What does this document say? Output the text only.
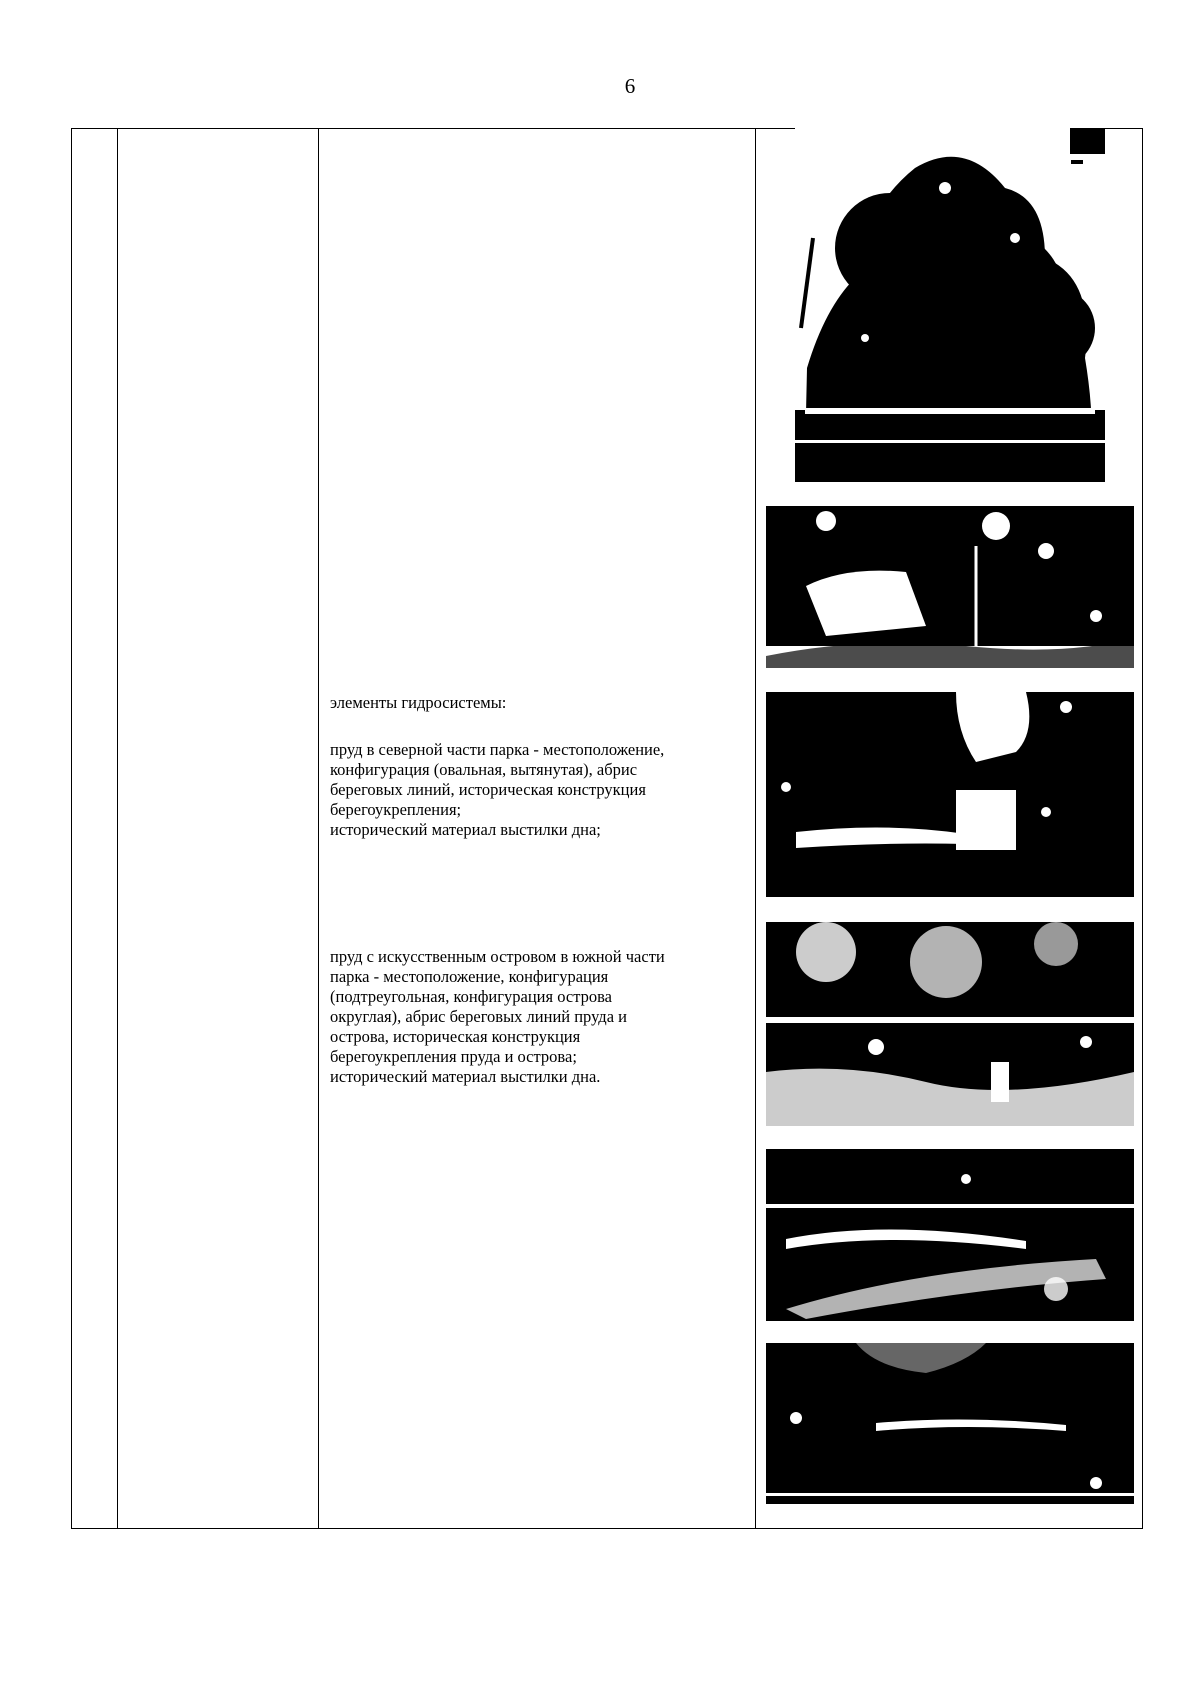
6
элементы гидросистемы:

пруд в северной части парка - местоположение,

конфигурация (овальная, вытянутая), абрис

береговых линий, историческая конструкция

берегоукрепления;

исторический материал выстилки дна;

пруд с искусственным островом в южной части

парка - местоположение, конфигурация

(подтреугольная, конфигурация острова

округлая), абрис береговых линий пруда и

острова, историческая конструкция

берегоукрепления пруда и острова;

исторический материал выстилки дна.
